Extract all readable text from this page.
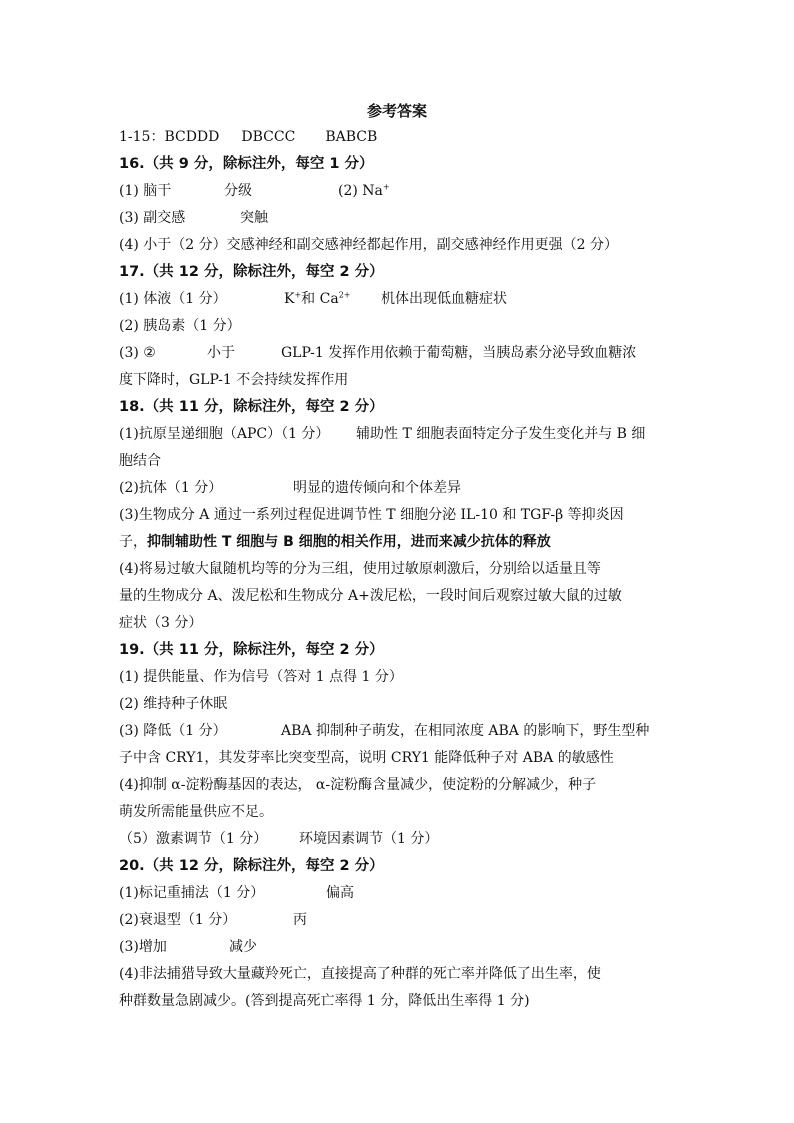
参考答案
1-15：BCDDD DBCCC BABCB
16.（共 9 分，除标注外，每空 1 分）
(1) 脑干	分级	(2) Na+
(3) 副交感	突触
(4) 小于（2 分）交感神经和副交感神经都起作用，副交感神经作用更强（2 分）
17.（共 12 分，除标注外，每空 2 分）
(1) 体液（1 分）	K+和 $Ca^{2+}$ 机体出现低血糖症状
(2) 胰岛素（1 分）
(3) ②	小于	GLP-1 发挥作用依赖于葡萄糖，当胰岛素分泌导致血糖浓
度下降时，GLP-1 不会持续发挥作用
18.（共 11 分，除标注外，每空 2 分）
(1)抗原呈递细胞（APC）（1 分） 辅助性 T 细胞表面特定分子发生变化并与 B 细
胞结合
(2)抗体（1 分）	明显的遗传倾向和个体差异
(3)生物成分 A 通过一系列过程促进调节性 T 细胞分泌 IL-10 和 TGF-β 等抑炎因
子，抑制辅助性 T 细胞与 B 细胞的相关作用，进而来减少抗体的释放
(4)将易过敏大鼠随机均等的分为三组，使用过敏原刺激后，分别给以适量且等
量的生物成分 A、泼尼松和生物成分 A+泼尼松，一段时间后观察过敏大鼠的过敏
症状（3 分）
19.（共 11 分，除标注外，每空 2 分）
(1) 提供能量、作为信号（答对 1 点得 1 分）
(2) 维持种子休眠
(3) 降低（1 分）	ABA 抑制种子萌发，在相同浓度 ABA 的影响下，野生型种
子中含 CRY1，其发芽率比突变型高，说明 CRY1 能降低种子对 ABA 的敏感性
(4)抑制 α-淀粉酶基因的表达， α-淀粉酶含量减少，使淀粉的分解减少，种子
萌发所需能量供应不足。
（5）激素调节（1 分） 环境因素调节（1 分）
20.（共 12 分，除标注外，每空 2 分）
(1)标记重捕法（1 分）	偏高
(2)衰退型（1 分）	丙
(3)增加	减少
(4)非法捕猎导致大量藏羚死亡，直接提高了种群的死亡率并降低了出生率，使
种群数量急剧减少。(答到提高死亡率得 1 分，降低出生率得 1 分)
